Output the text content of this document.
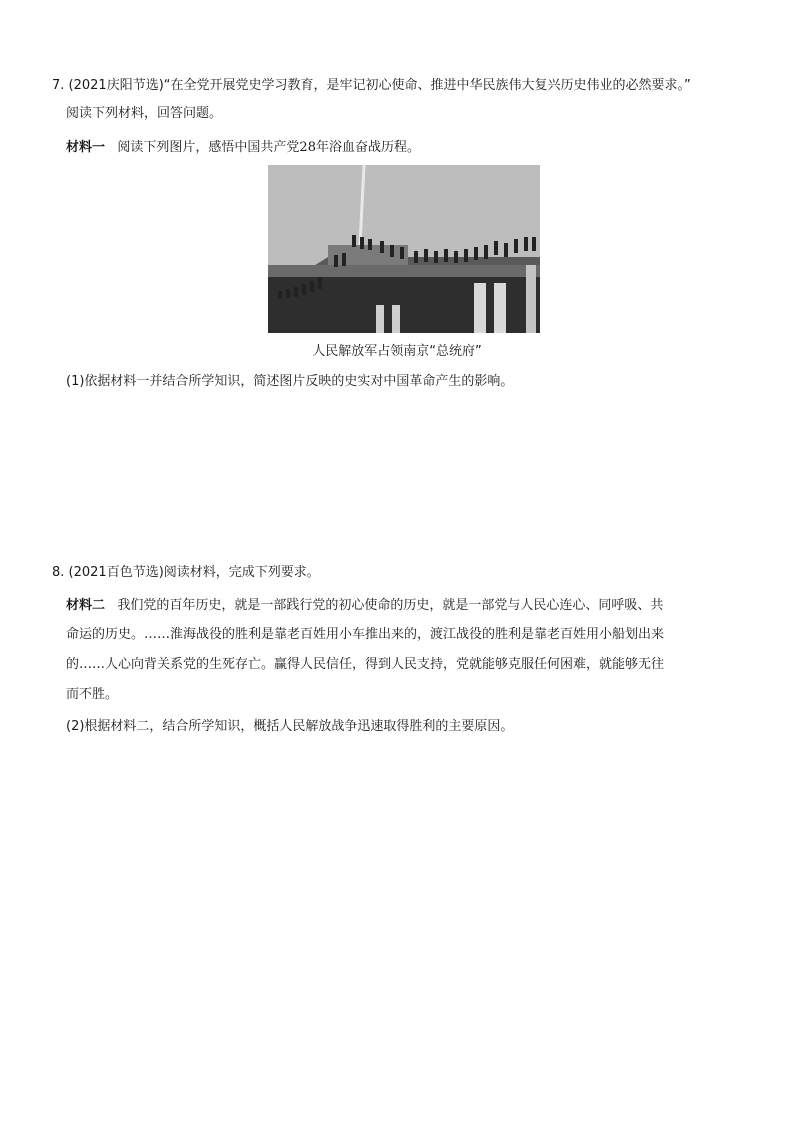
7. (2021庆阳节选)“在全党开展党史学习教育，是牢记初心使命、推进中华民族伟大复兴历史伟业的必然要求。”
阅读下列材料，回答问题。
材料一 阅读下列图片，感悟中国共产党28年浴血奋战历程。
人民解放军占领南京“总统府”
(1)依据材料一并结合所学知识，简述图片反映的史实对中国革命产生的影响。
8. (2021百色节选)阅读材料，完成下列要求。
材料二 我们党的百年历史，就是一部践行党的初心使命的历史，就是一部党与人民心连心、同呼吸、共
命运的历史。……淮海战役的胜利是靠老百姓用小车推出来的，渡江战役的胜利是靠老百姓用小船划出来
的……人心向背关系党的生死存亡。赢得人民信任，得到人民支持，党就能够克服任何困难，就能够无往
而不胜。
(2)根据材料二，结合所学知识，概括人民解放战争迅速取得胜利的主要原因。
